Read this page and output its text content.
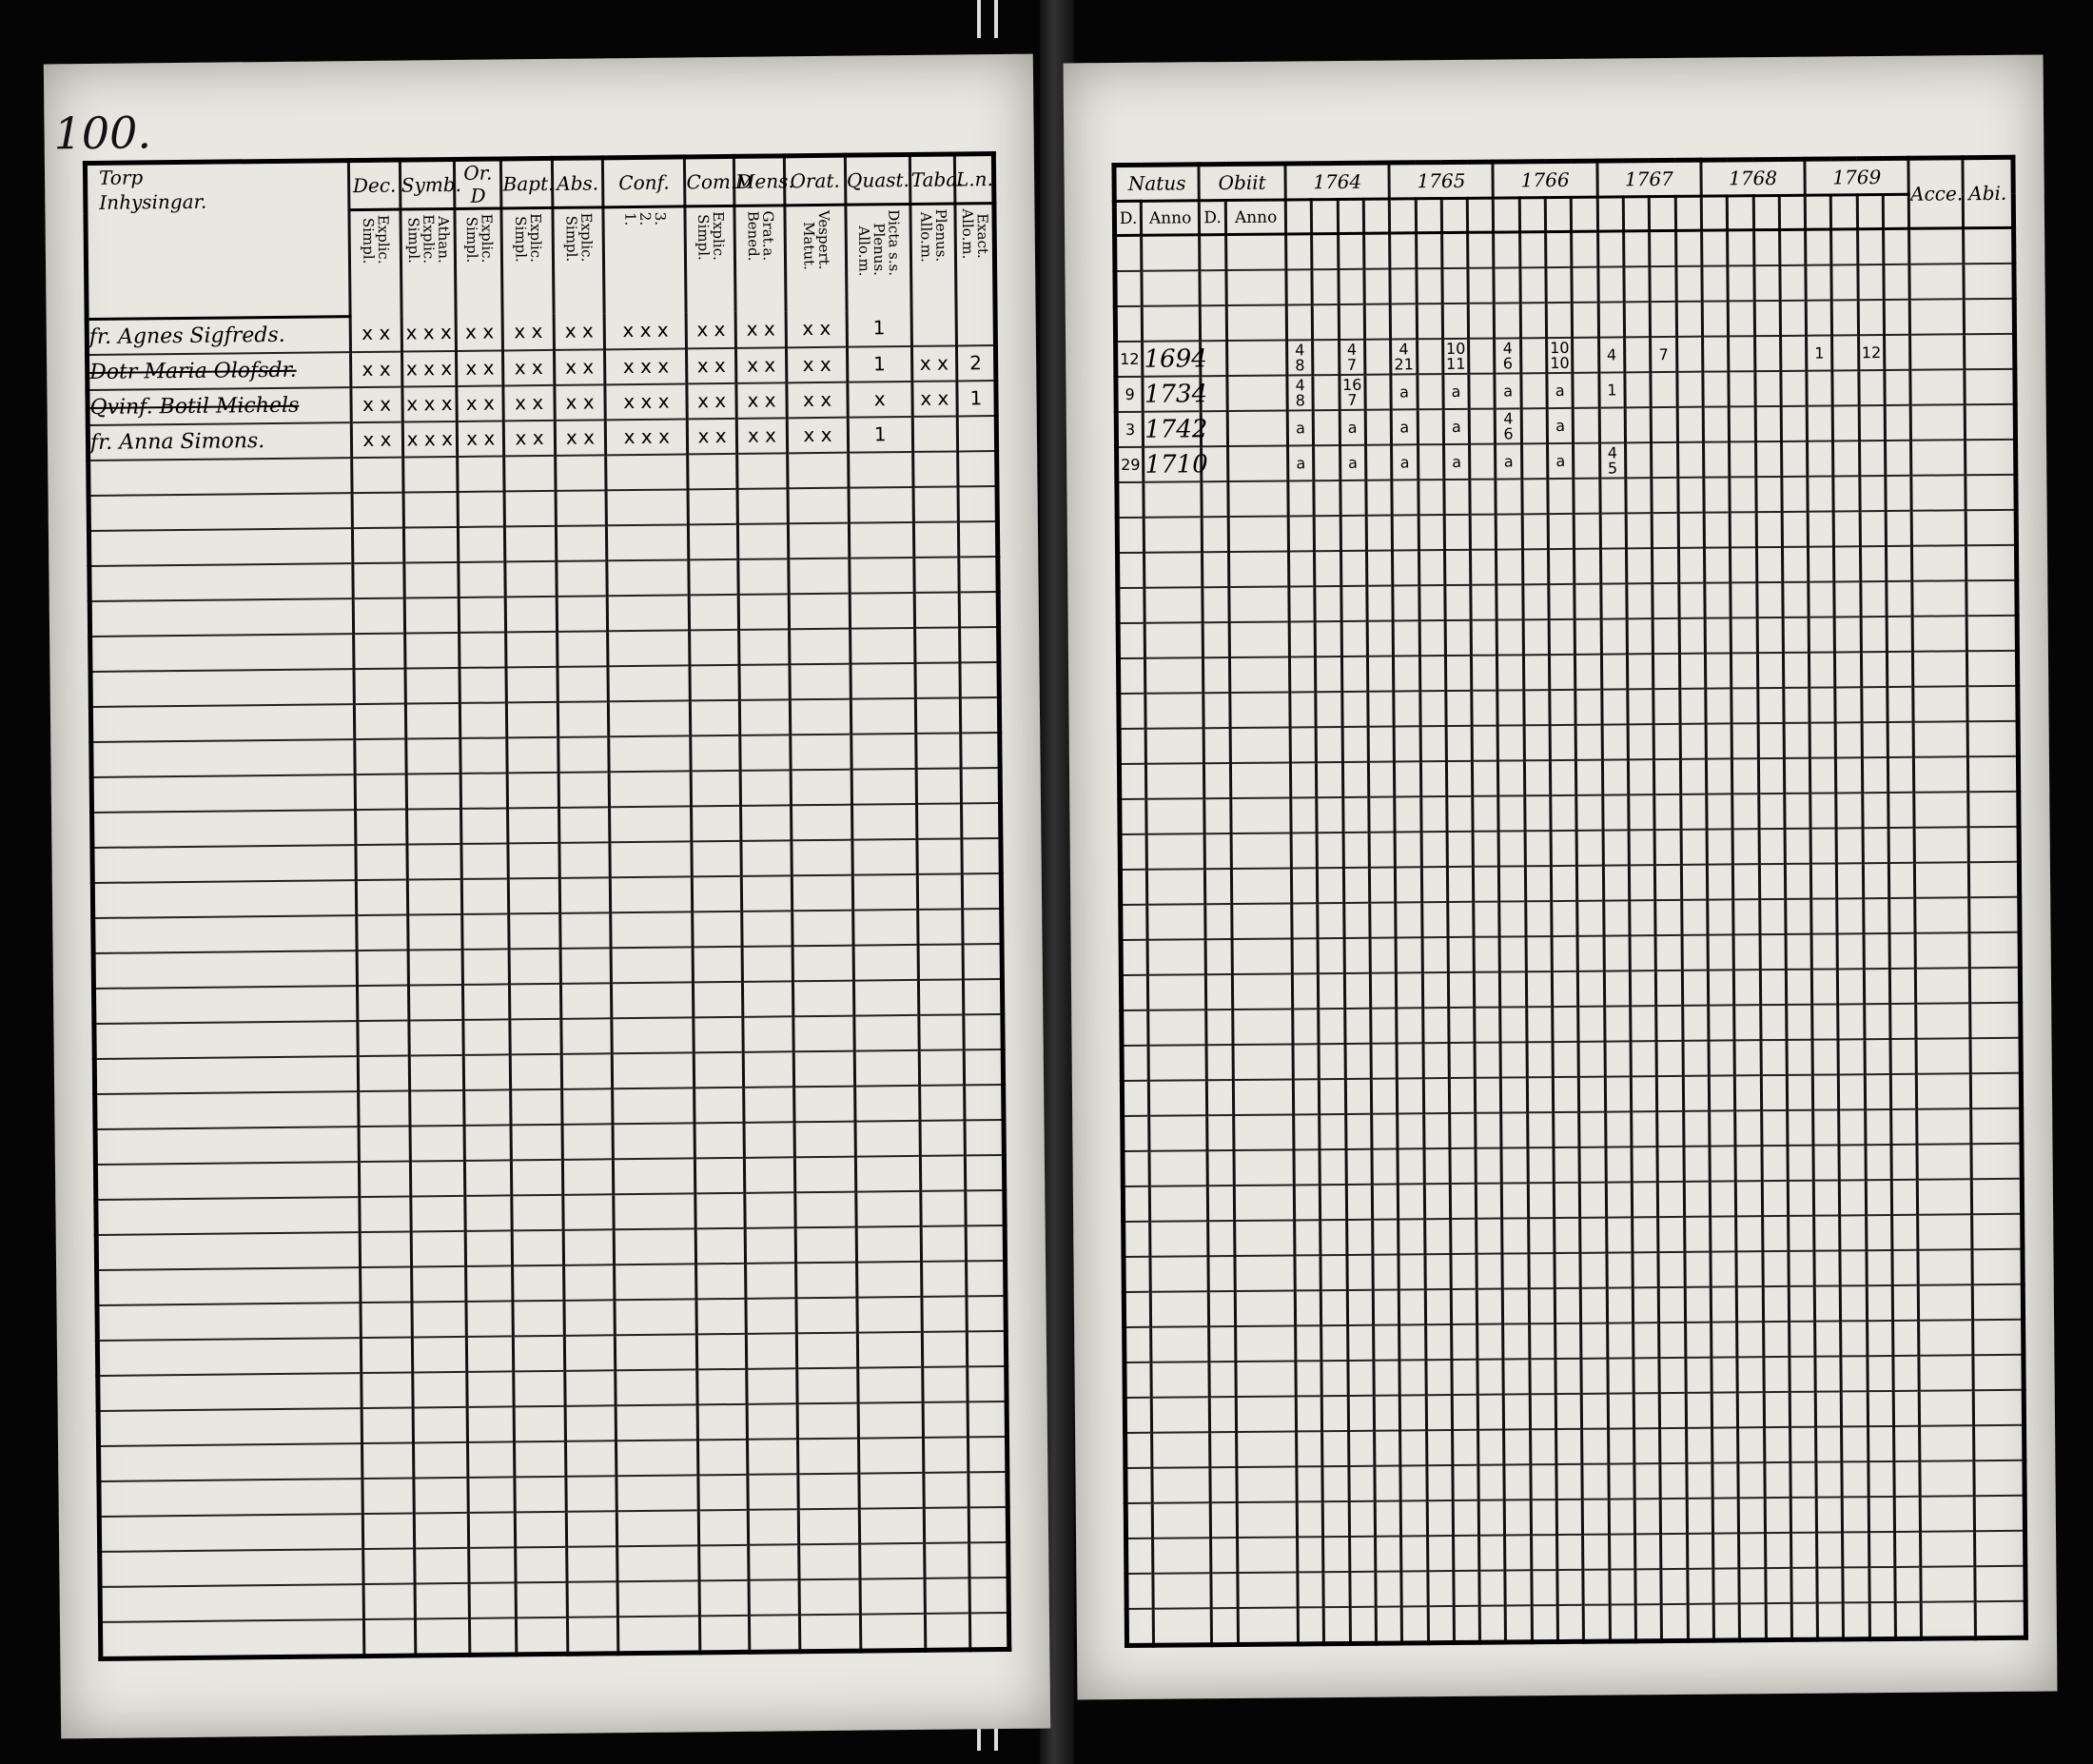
100.
Torp
Inhysingar.	Dec.	Symb.	Or. D	Bapt.	Abs.	Conf.	Com.D	Mens.	Orat.	Quast.	Taba.	L.n.
	Simpl.Explic.	Simpl.Explic.Athan.	Simpl.Explic.	Simpl.Explic.	Simpl.Explic.	1.2.3.	Simpl.Explic.	Bened.Grat.a.	Matut.Vespert.	Allo.m.Plenus.Dicta s.s.	Allo.m.Plenus.	Allo.m.Exact.
fr. Agnes Sigfreds.	x x	x x x	x x	x x	x x	x x x	x x	x x	x x	1		
Dotr Maria Olofsdr.	x x	x x x	x x	x x	x x	x x x	x x	x x	x x	1	x x	2
Qvinf. Botil Michels	x x	x x x	x x	x x	x x	x x x	x x	x x	x x	x	x x	1
fr. Anna Simons.	x x	x x x	x x	x x	x x	x x x	x x	x x	x x	1		

Natus		Obiit		1764				1765				1766				1767				1768				1769				Acce.	Abi.
D.	Anno	D.	Anno																										

12	1694			4 8		4 7		4 21		10 11		4 6		10 10		4		7						1		12			
9	1734			4 8		16 7		a		a		a		a		1													
3	1742			a		a		a		a		4 6		a															
29	1710			a		a		a		a		a		a		4 5													
